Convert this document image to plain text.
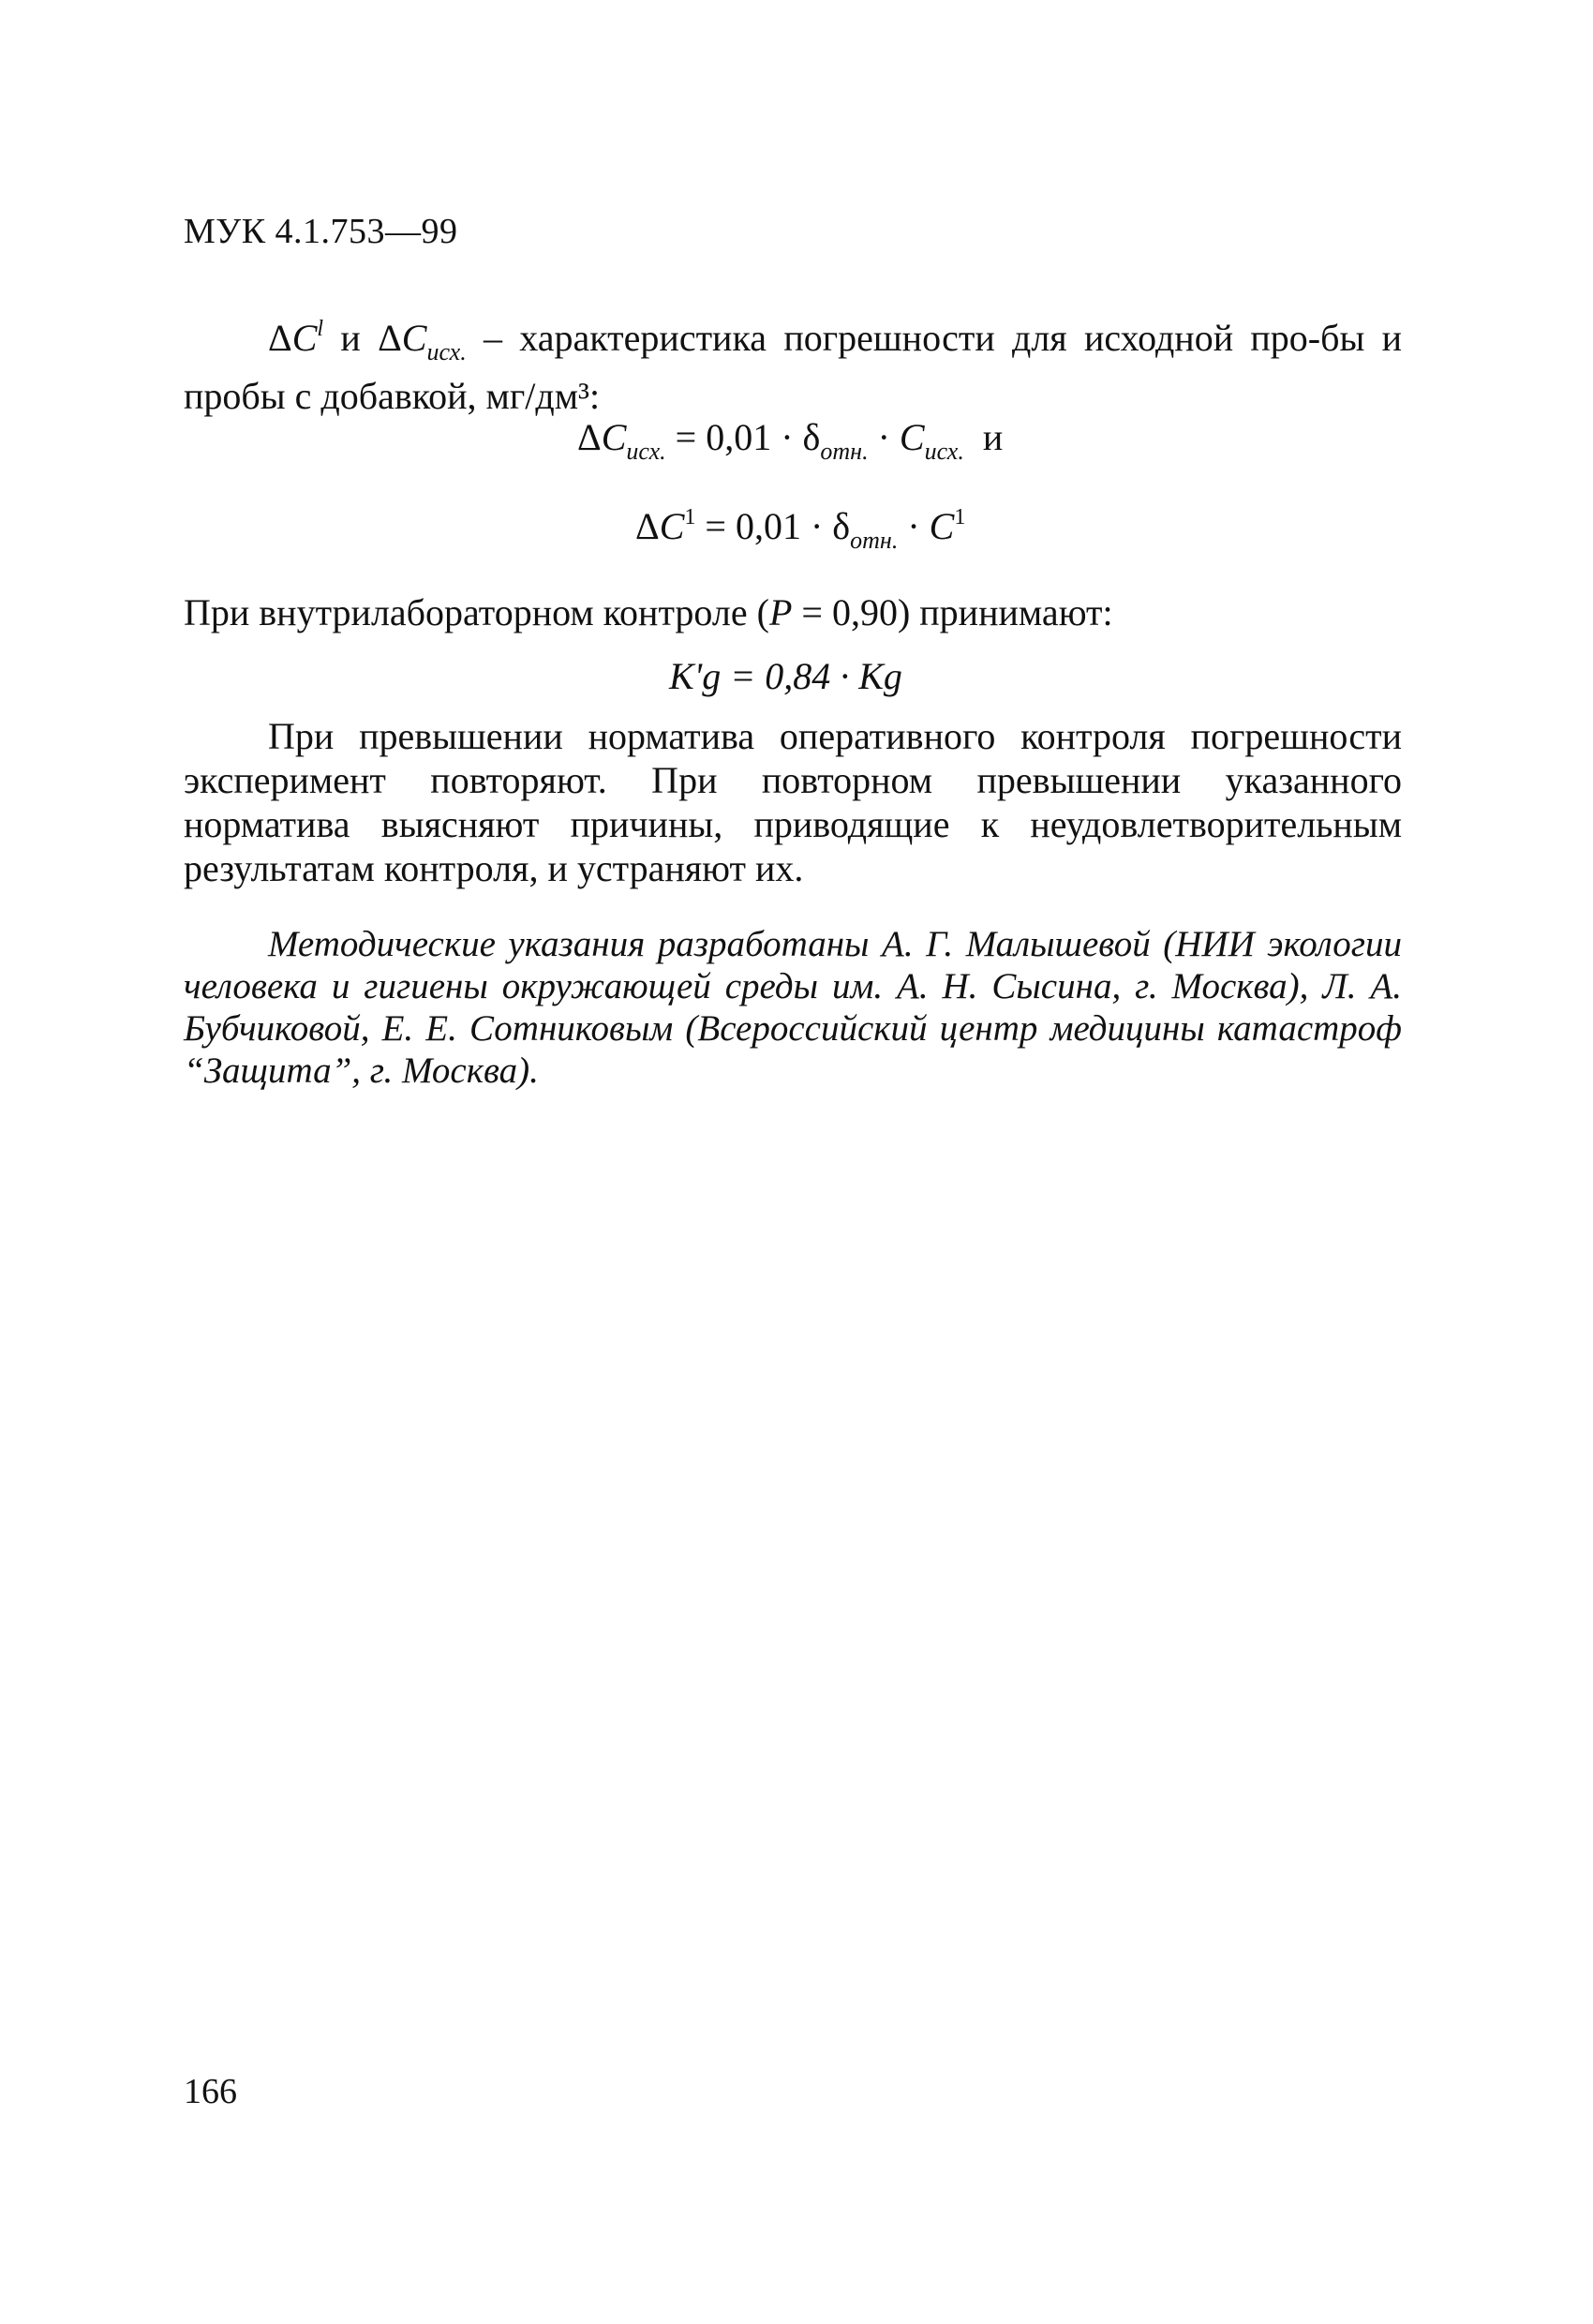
МУК 4.1.753—99
$\Delta C^l$ и $\Delta C_{исх.}$ – характеристика погрешности для исходной про-бы и пробы с добавкой, мг/дм³:
$\Delta C_{исх.} = 0,01 \cdot \delta_{отн.} \cdot C_{исх.}$ и
$\Delta C^1 = 0,01 \cdot \delta_{отн.} \cdot C^1$
При внутрилабораторном контроле (P = 0,90) принимают:
K'g = 0,84 · Kg

При превышении норматива оперативного контроля погрешности эксперимент повторяют. При повторном превышении указанного норматива выясняют причины, приводящие к неудовлетворительным результатам контроля, и устраняют их.

Методические указания разработаны А. Г. Малышевой (НИИ экологии человека и гигиены окружающей среды им. А. Н. Сысина, г. Москва), Л. А. Бубчиковой, Е. Е. Сотниковым (Всероссийский центр медицины катастроф “Защита”, г. Москва).

166
